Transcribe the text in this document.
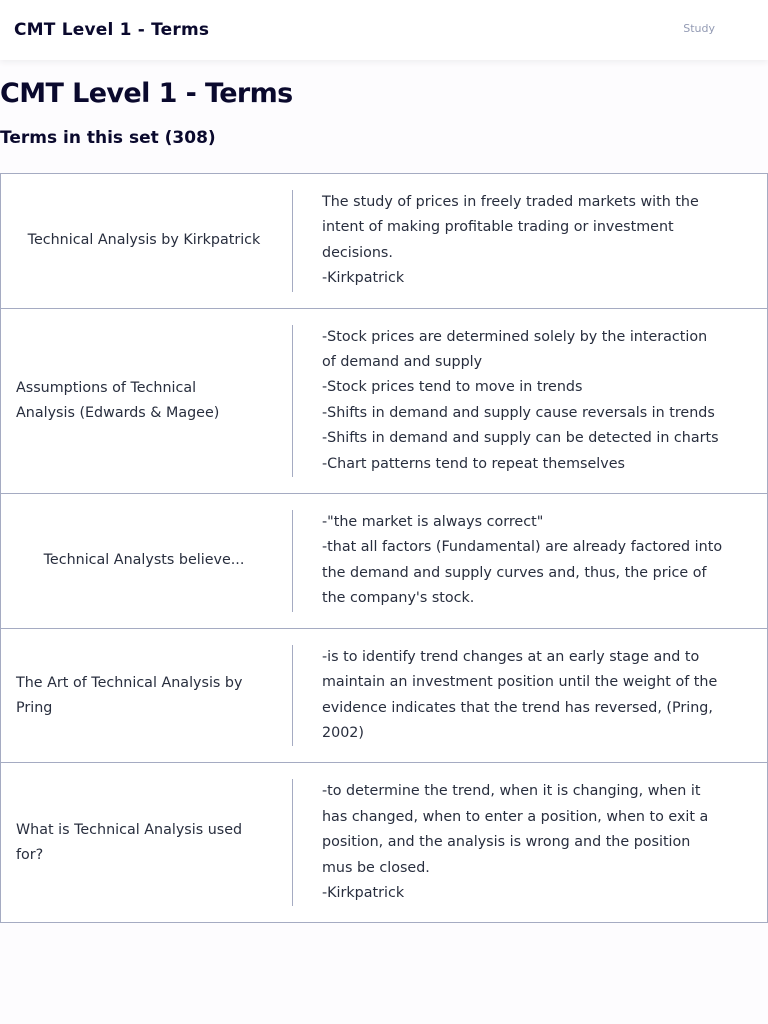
CMT Level 1 - Terms	Study
CMT Level 1 - Terms
Terms in this set (308)
Technical Analysis by Kirkpatrick
The study of prices in freely traded markets with the intent of making profitable trading or investment decisions.
-Kirkpatrick
Assumptions of Technical Analysis (Edwards & Magee)
-Stock prices are determined solely by the interaction of demand and supply
-Stock prices tend to move in trends
-Shifts in demand and supply cause reversals in trends
-Shifts in demand and supply can be detected in charts
-Chart patterns tend to repeat themselves
Technical Analysts believe...
-"the market is always correct"
-that all factors (Fundamental) are already factored into the demand and supply curves and, thus, the price of the company's stock.
The Art of Technical Analysis by Pring
-is to identify trend changes at an early stage and to maintain an investment position until the weight of the evidence indicates that the trend has reversed, (Pring, 2002)
What is Technical Analysis used for?
-to determine the trend, when it is changing, when it has changed, when to enter a position, when to exit a position, and the analysis is wrong and the position mus be closed.
-Kirkpatrick
